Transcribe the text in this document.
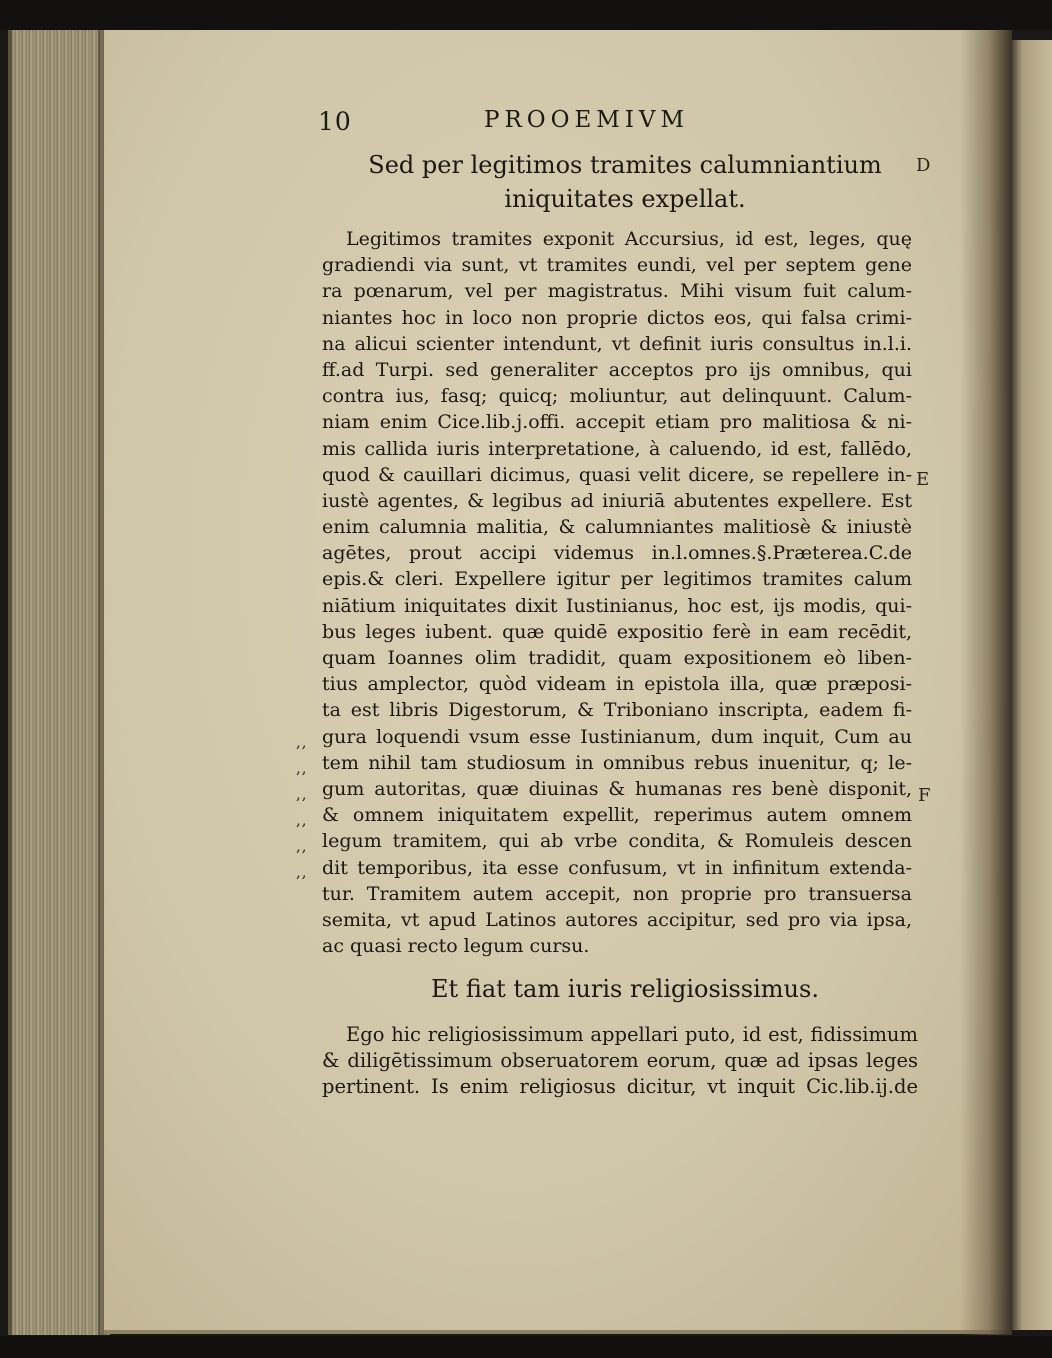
10	PROOEMIVM
Sed per legitimos tramites calumniantium
iniquitates expellat.
Legitimos tramites exponit Accursius, id est, leges, quę
gradiendi via sunt, vt tramites eundi, vel per septem gene
ra pœnarum, vel per magistratus. Mihi visum fuit calum-
niantes hoc in loco non proprie dictos eos, qui falsa crimi-
na alicui scienter intendunt, vt definit iuris consultus in.l.i.
ff.ad Turpi. sed generaliter acceptos pro ijs omnibus, qui
contra ius, fasq; quicq; moliuntur, aut delinquunt. Calum-
niam enim Cice.lib.j.offi. accepit etiam pro malitiosa & ni-
mis callida iuris interpretatione, à caluendo, id est, fallēdo,
quod & cauillari dicimus, quasi velit dicere, se repellere in-
iustè agentes, & legibus ad iniuriā abutentes expellere. Est
enim calumnia malitia, & calumniantes malitiosè & iniustè
agētes, prout accipi videmus in.l.omnes.§.Præterea.C.de
epis.& cleri. Expellere igitur per legitimos tramites calum
niātium iniquitates dixit Iustinianus, hoc est, ijs modis, qui-
bus leges iubent. quæ quidē expositio ferè in eam recēdit,
quam Ioannes olim tradidit, quam expositionem eò liben-
tius amplector, quòd videam in epistola illa, quæ præposi-
ta est libris Digestorum, & Triboniano inscripta, eadem fi-
gura loquendi vsum esse Iustinianum, dum inquit, Cum au
tem nihil tam studiosum in omnibus rebus inuenitur, q; le-
gum autoritas, quæ diuinas & humanas res benè disponit,
& omnem iniquitatem expellit, reperimus autem omnem
legum tramitem, qui ab vrbe condita, & Romuleis descen
dit temporibus, ita esse confusum, vt in infinitum extenda-
tur. Tramitem autem accepit, non proprie pro transuersa
semita, vt apud Latinos autores accipitur, sed pro via ipsa,
ac quasi recto legum cursu.
,,
,,
,,
,,
,,
,,
D
E
F
Et fiat tam iuris religiosissimus.
Ego hic religiosissimum appellari puto, id est, fidissimum
& diligētissimum obseruatorem eorum, quæ ad ipsas leges
pertinent. Is enim religiosus dicitur, vt inquit Cic.lib.ij.de
